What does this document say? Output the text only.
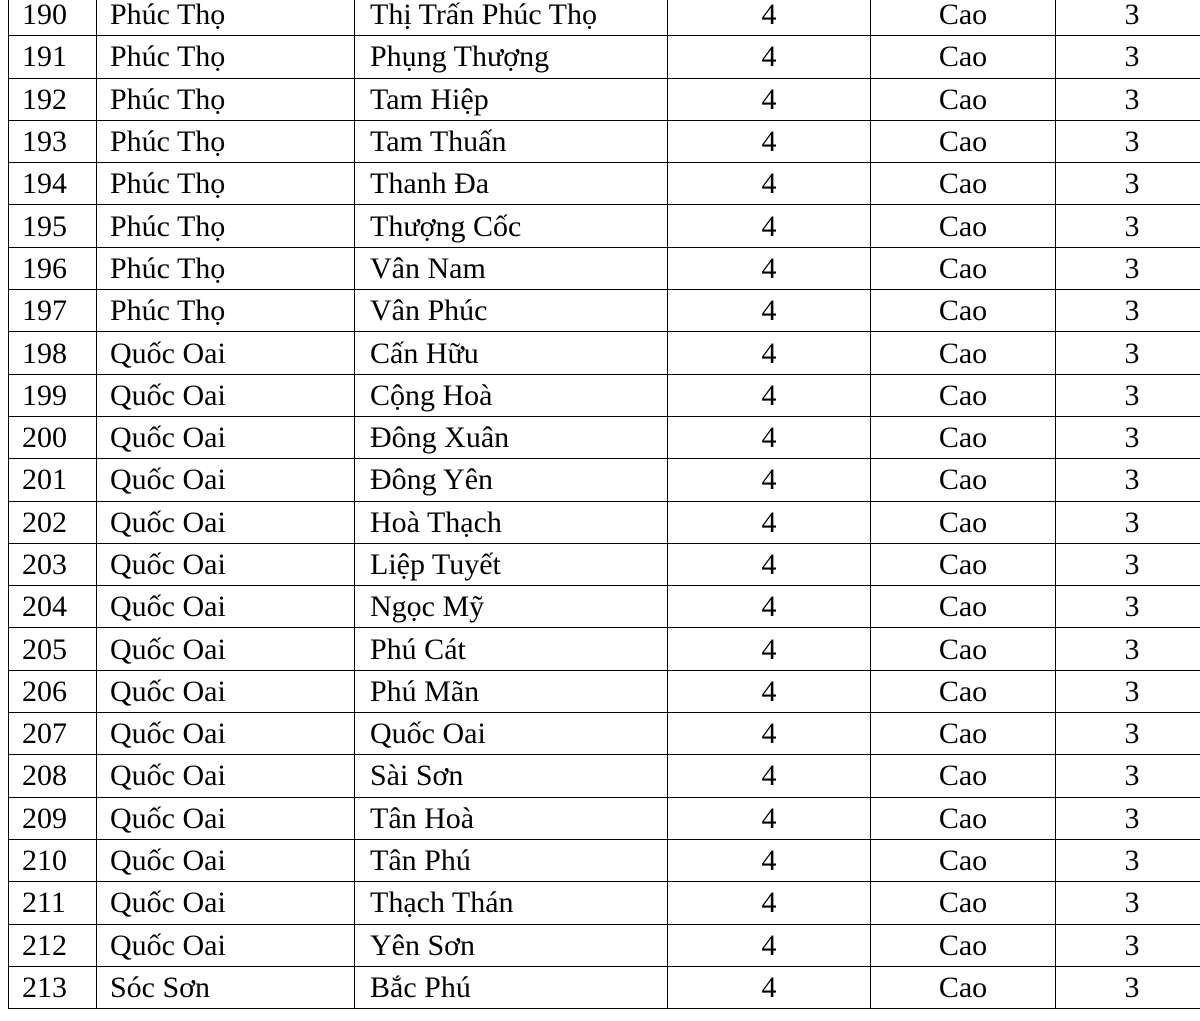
190	Phúc Thọ	Thị Trấn Phúc Thọ	4	Cao	3
191	Phúc Thọ	Phụng Thượng	4	Cao	3
192	Phúc Thọ	Tam Hiệp	4	Cao	3
193	Phúc Thọ	Tam Thuấn	4	Cao	3
194	Phúc Thọ	Thanh Đa	4	Cao	3
195	Phúc Thọ	Thượng Cốc	4	Cao	3
196	Phúc Thọ	Vân Nam	4	Cao	3
197	Phúc Thọ	Vân Phúc	4	Cao	3
198	Quốc Oai	Cấn Hữu	4	Cao	3
199	Quốc Oai	Cộng Hoà	4	Cao	3
200	Quốc Oai	Đông Xuân	4	Cao	3
201	Quốc Oai	Đông Yên	4	Cao	3
202	Quốc Oai	Hoà Thạch	4	Cao	3
203	Quốc Oai	Liệp Tuyết	4	Cao	3
204	Quốc Oai	Ngọc Mỹ	4	Cao	3
205	Quốc Oai	Phú Cát	4	Cao	3
206	Quốc Oai	Phú Mãn	4	Cao	3
207	Quốc Oai	Quốc Oai	4	Cao	3
208	Quốc Oai	Sài Sơn	4	Cao	3
209	Quốc Oai	Tân Hoà	4	Cao	3
210	Quốc Oai	Tân Phú	4	Cao	3
211	Quốc Oai	Thạch Thán	4	Cao	3
212	Quốc Oai	Yên Sơn	4	Cao	3
213	Sóc Sơn	Bắc Phú	4	Cao	3
